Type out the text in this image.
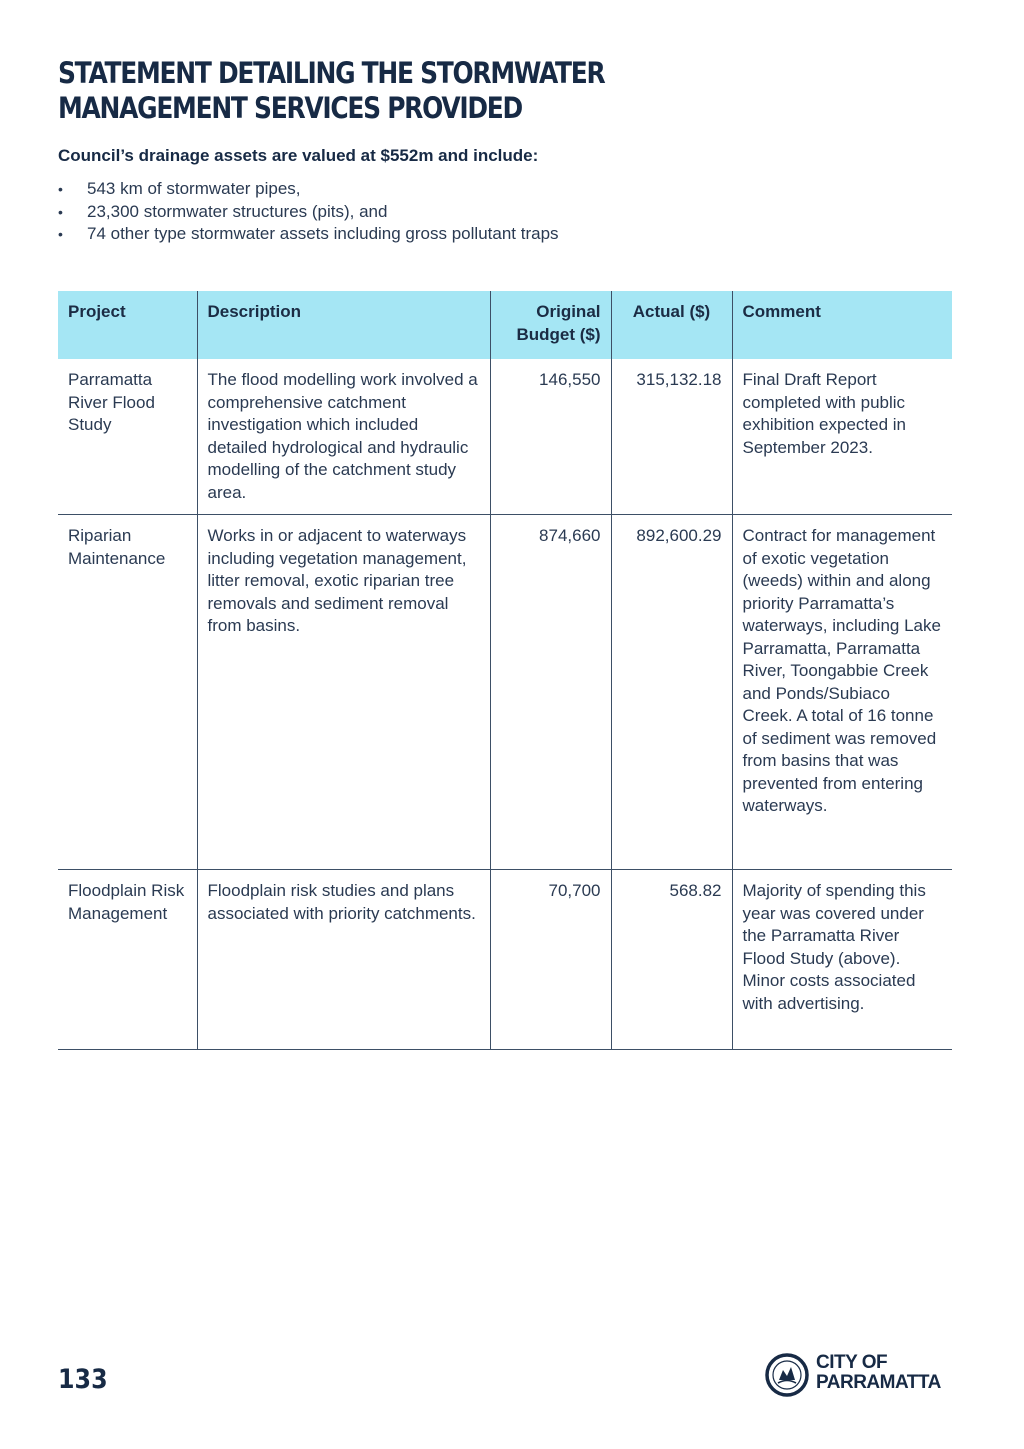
STATEMENT DETAILING THE STORMWATER MANAGEMENT SERVICES PROVIDED

Council’s drainage assets are valued at $552m and include:

• 543 km of stormwater pipes,
• 23,300 stormwater structures (pits), and
• 74 other type stormwater assets including gross pollutant traps
Project	Description	Original Budget ($)	Actual ($)	Comment
Parramatta River Flood Study	The flood modelling work involved a comprehensive catchment investigation which included detailed hydrological and hydraulic modelling of the catchment study area.	146,550	315,132.18	Final Draft Report completed with public exhibition expected in September 2023.
Riparian Maintenance	Works in or adjacent to waterways including vegetation management, litter removal, exotic riparian tree removals and sediment removal from basins.	874,660	892,600.29	Contract for management of exotic vegetation (weeds) within and along priority Parramatta’s waterways, including Lake Parramatta, Parramatta River, Toongabbie Creek and Ponds/Subiaco Creek. A total of 16 tonne of sediment was removed from basins that was prevented from entering waterways.
Floodplain Risk Management	Floodplain risk studies and plans associated with priority catchments.	70,700	568.82	Majority of spending this year was covered under the Parramatta River Flood Study (above). Minor costs associated with advertising.
133
CITY OF
PARRAMATTA
